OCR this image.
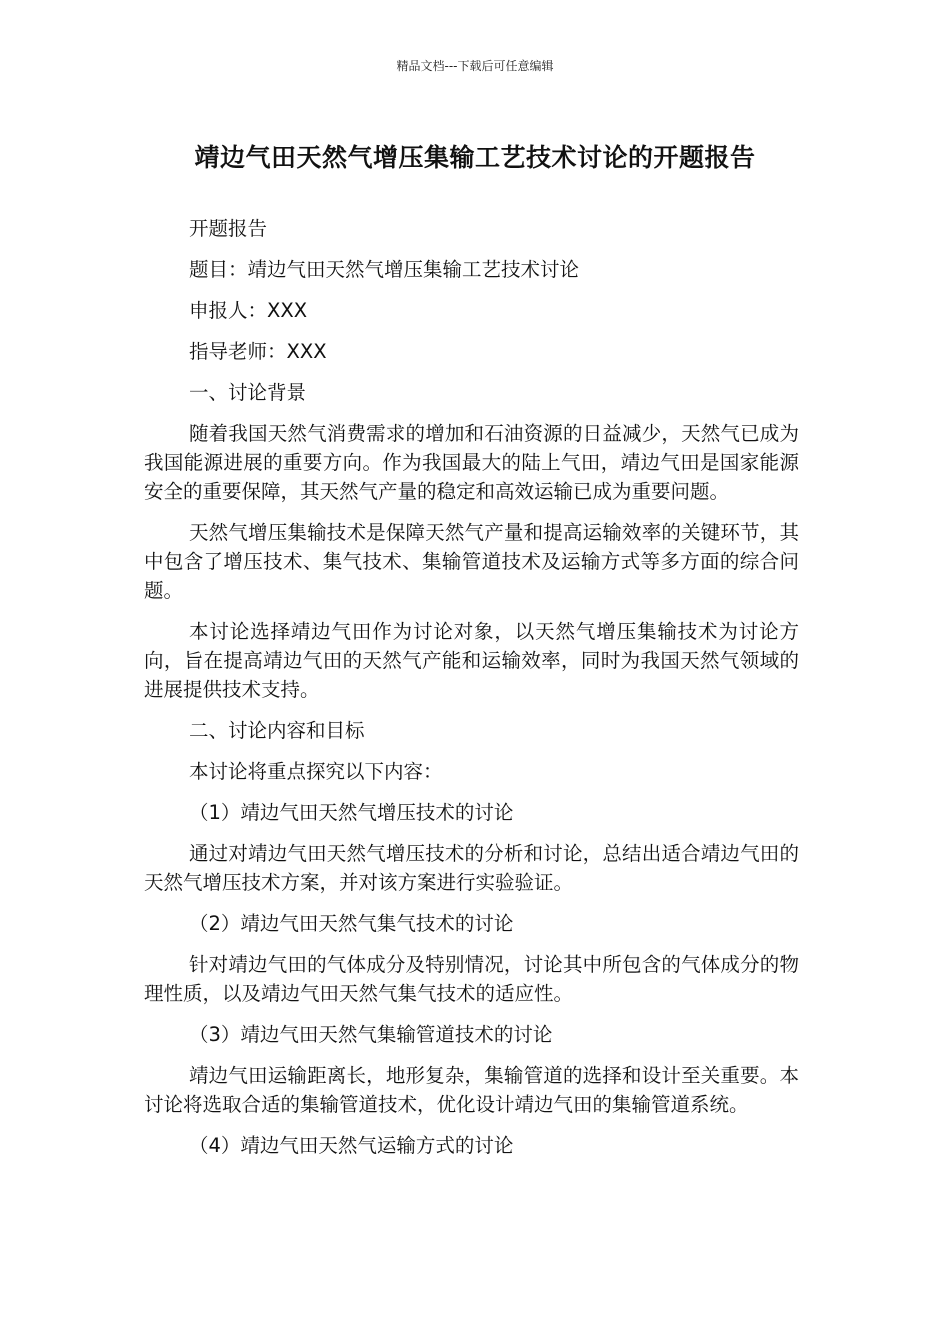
精品文档---下载后可任意编辑
靖边气田天然气增压集输工艺技术讨论的开题报告

开题报告

题目：靖边气田天然气增压集输工艺技术讨论

申报人：XXX

指导老师：XXX

一、讨论背景

随着我国天然气消费需求的增加和石油资源的日益减少，天然气已成为我国能源进展的重要方向。作为我国最大的陆上气田，靖边气田是国家能源安全的重要保障，其天然气产量的稳定和高效运输已成为重要问题。

天然气增压集输技术是保障天然气产量和提高运输效率的关键环节，其中包含了增压技术、集气技术、集输管道技术及运输方式等多方面的综合问题。

本讨论选择靖边气田作为讨论对象，以天然气增压集输技术为讨论方向，旨在提高靖边气田的天然气产能和运输效率，同时为我国天然气领域的进展提供技术支持。

二、讨论内容和目标

本讨论将重点探究以下内容：

（1）靖边气田天然气增压技术的讨论

通过对靖边气田天然气增压技术的分析和讨论，总结出适合靖边气田的天然气增压技术方案，并对该方案进行实验验证。

（2）靖边气田天然气集气技术的讨论

针对靖边气田的气体成分及特别情况，讨论其中所包含的气体成分的物理性质，以及靖边气田天然气集气技术的适应性。

（3）靖边气田天然气集输管道技术的讨论

靖边气田运输距离长，地形复杂，集输管道的选择和设计至关重要。本讨论将选取合适的集输管道技术，优化设计靖边气田的集输管道系统。

（4）靖边气田天然气运输方式的讨论
